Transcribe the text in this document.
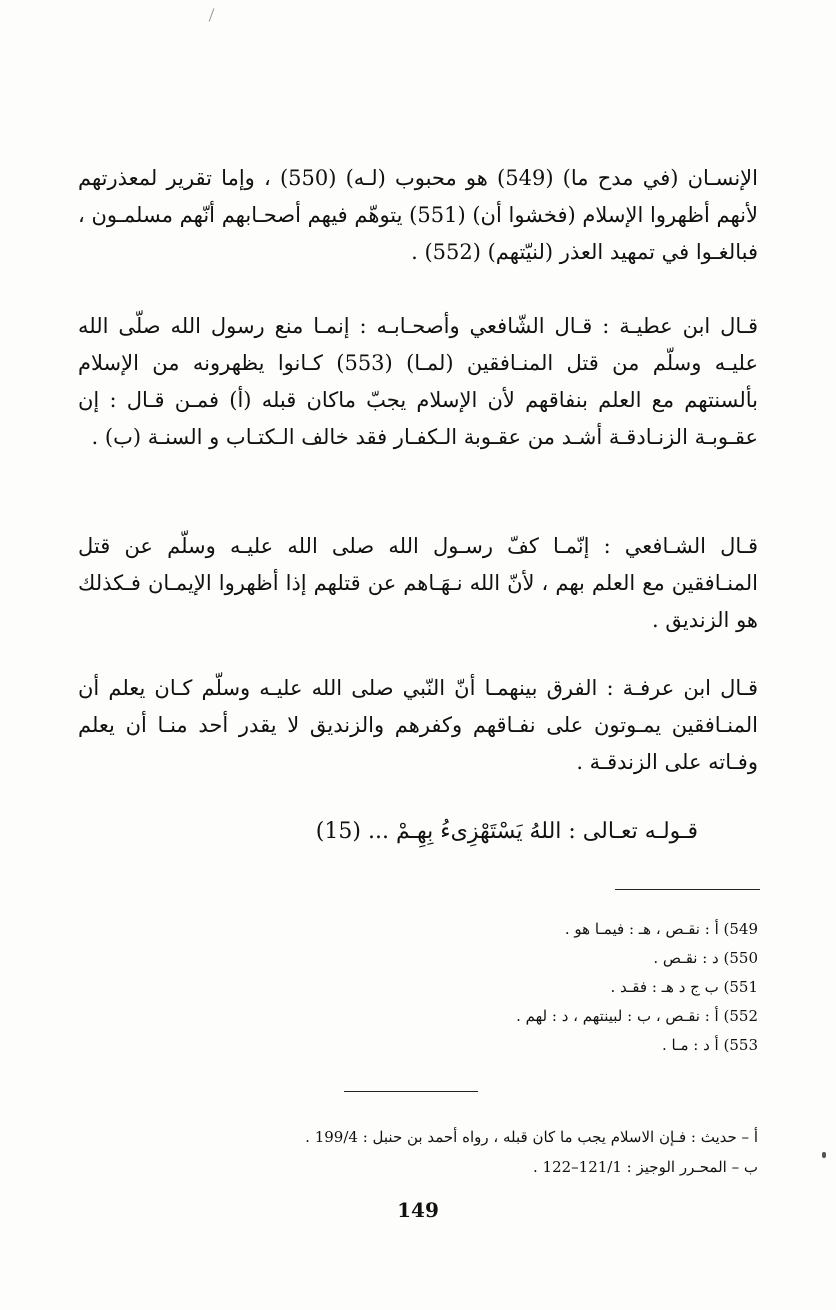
الإنسـان (في مدح ما) (549) هو محبوب (لـه) (550) ، وإما تقرير لمعذرتهم لأنهم أظهروا الإسلام (فخشوا أن) (551) يتوهّم فيهم أصحـابهم أنّهم مسلمـون ، فبالغـوا في تمهيد العذر (لنيّتهم) (552) .

قـال ابن عطيـة : قـال الشّافعي وأصحـابـه : إنمـا منع رسول الله صلّى الله عليـه وسلّم من قتل المنـافقين (لمـا) (553) كـانوا يظهرونه من الإسلام بألسنتهم مع العلم بنفاقهم لأن الإسلام يجبّ ماكان قبله (أ) فمـن قـال : إن عقـوبـة الزنـادقـة أشـد من عقـوبة الـكفـار فقد خالف الـكتـاب و السنـة (ب) .

قـال الشـافعي : إنّمـا كفّ رسـول الله صلى الله عليـه وسلّم عن قتل المنـافقين مع العلم بهم ، لأنّ الله نـهَـاهم عن قتلهم إذا أظهروا الإيمـان فـكذلك هو الزنديق .

قـال ابن عرفـة : الفرق بينهمـا أنّ النّبي صلى الله عليـه وسلّم كـان يعلم أن المنـافقين يمـوتون على نفـاقهم وكفرهم والزنديق لا يقدر أحد منـا أن يعلم وفـاته على الزندقـة .

قـولـه تعـالى : اللهُ يَسْتَهْزِىءُ بِهِـمْ ... (15)
549) أ : نقـص ، هـ : فيمـا هو .
550) د : نقـص .
551) ب ج د هـ : فقـد .
552) أ : نقـص ، ب : لبينتهم ، د : لهم .
553) أ د : مـا .
أ – حديث : فـإن الاسلام يجب ما كان قبله ، رواه أحمد بن حنبل : 199/4 .
ب – المحـرر الوجيز : 121/1–122 .
149
